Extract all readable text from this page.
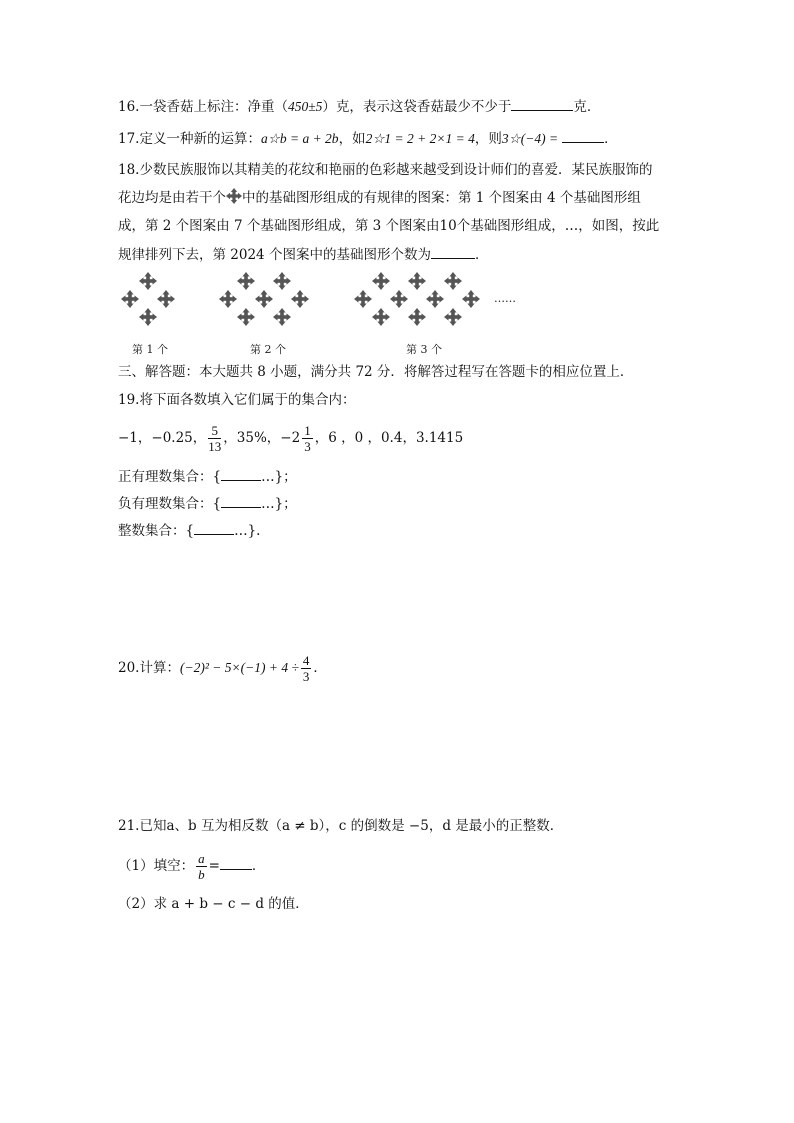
16.一袋香菇上标注：净重（450±5）克，表示这袋香菇最少不少于	克．
17.定义一种新的运算：a☆b = a + 2b，如2☆1 = 2 + 2×1 = 4，则3☆(−4) =	．
18.少数民族服饰以其精美的花纹和艳丽的色彩越来越受到设计师们的喜爱．某民族服饰的
花边均是由若干个 中的基础图形组成的有规律的图案：第 1 个图案由 4 个基础图形组
成，第 2 个图案由 7 个基础图形组成，第 3 个图案由10个基础图形组成，…，如图，按此
规律排列下去，第 2024 个图案中的基础图形个数为	．
……
第 1 个	第 2 个	第 3 个
三、解答题：本大题共 8 小题，满分共 72 分．将解答过程写在答题卡的相应位置上．
19.将下面各数填入它们属于的集合内：
−1，−0.25， $\frac{5}{13}$ ，35%，$-2 \frac{1}{3}$ ，6 ，0 ，0.4̇，3.1415
正有理数集合：{	…}；
负有理数集合：{	…}；
整数集合：{	…}.
20.计算：$(-2)^2 - 5\times(-1) + 4 \div \frac{4}{3}$ ．
21.已知a、b 互为相反数（a ≠ b），c 的倒数是 −5，d 是最小的正整数．
（1）填空： $\frac{a}{b}$ = ．
（2）求 a + b − c − d 的值．
